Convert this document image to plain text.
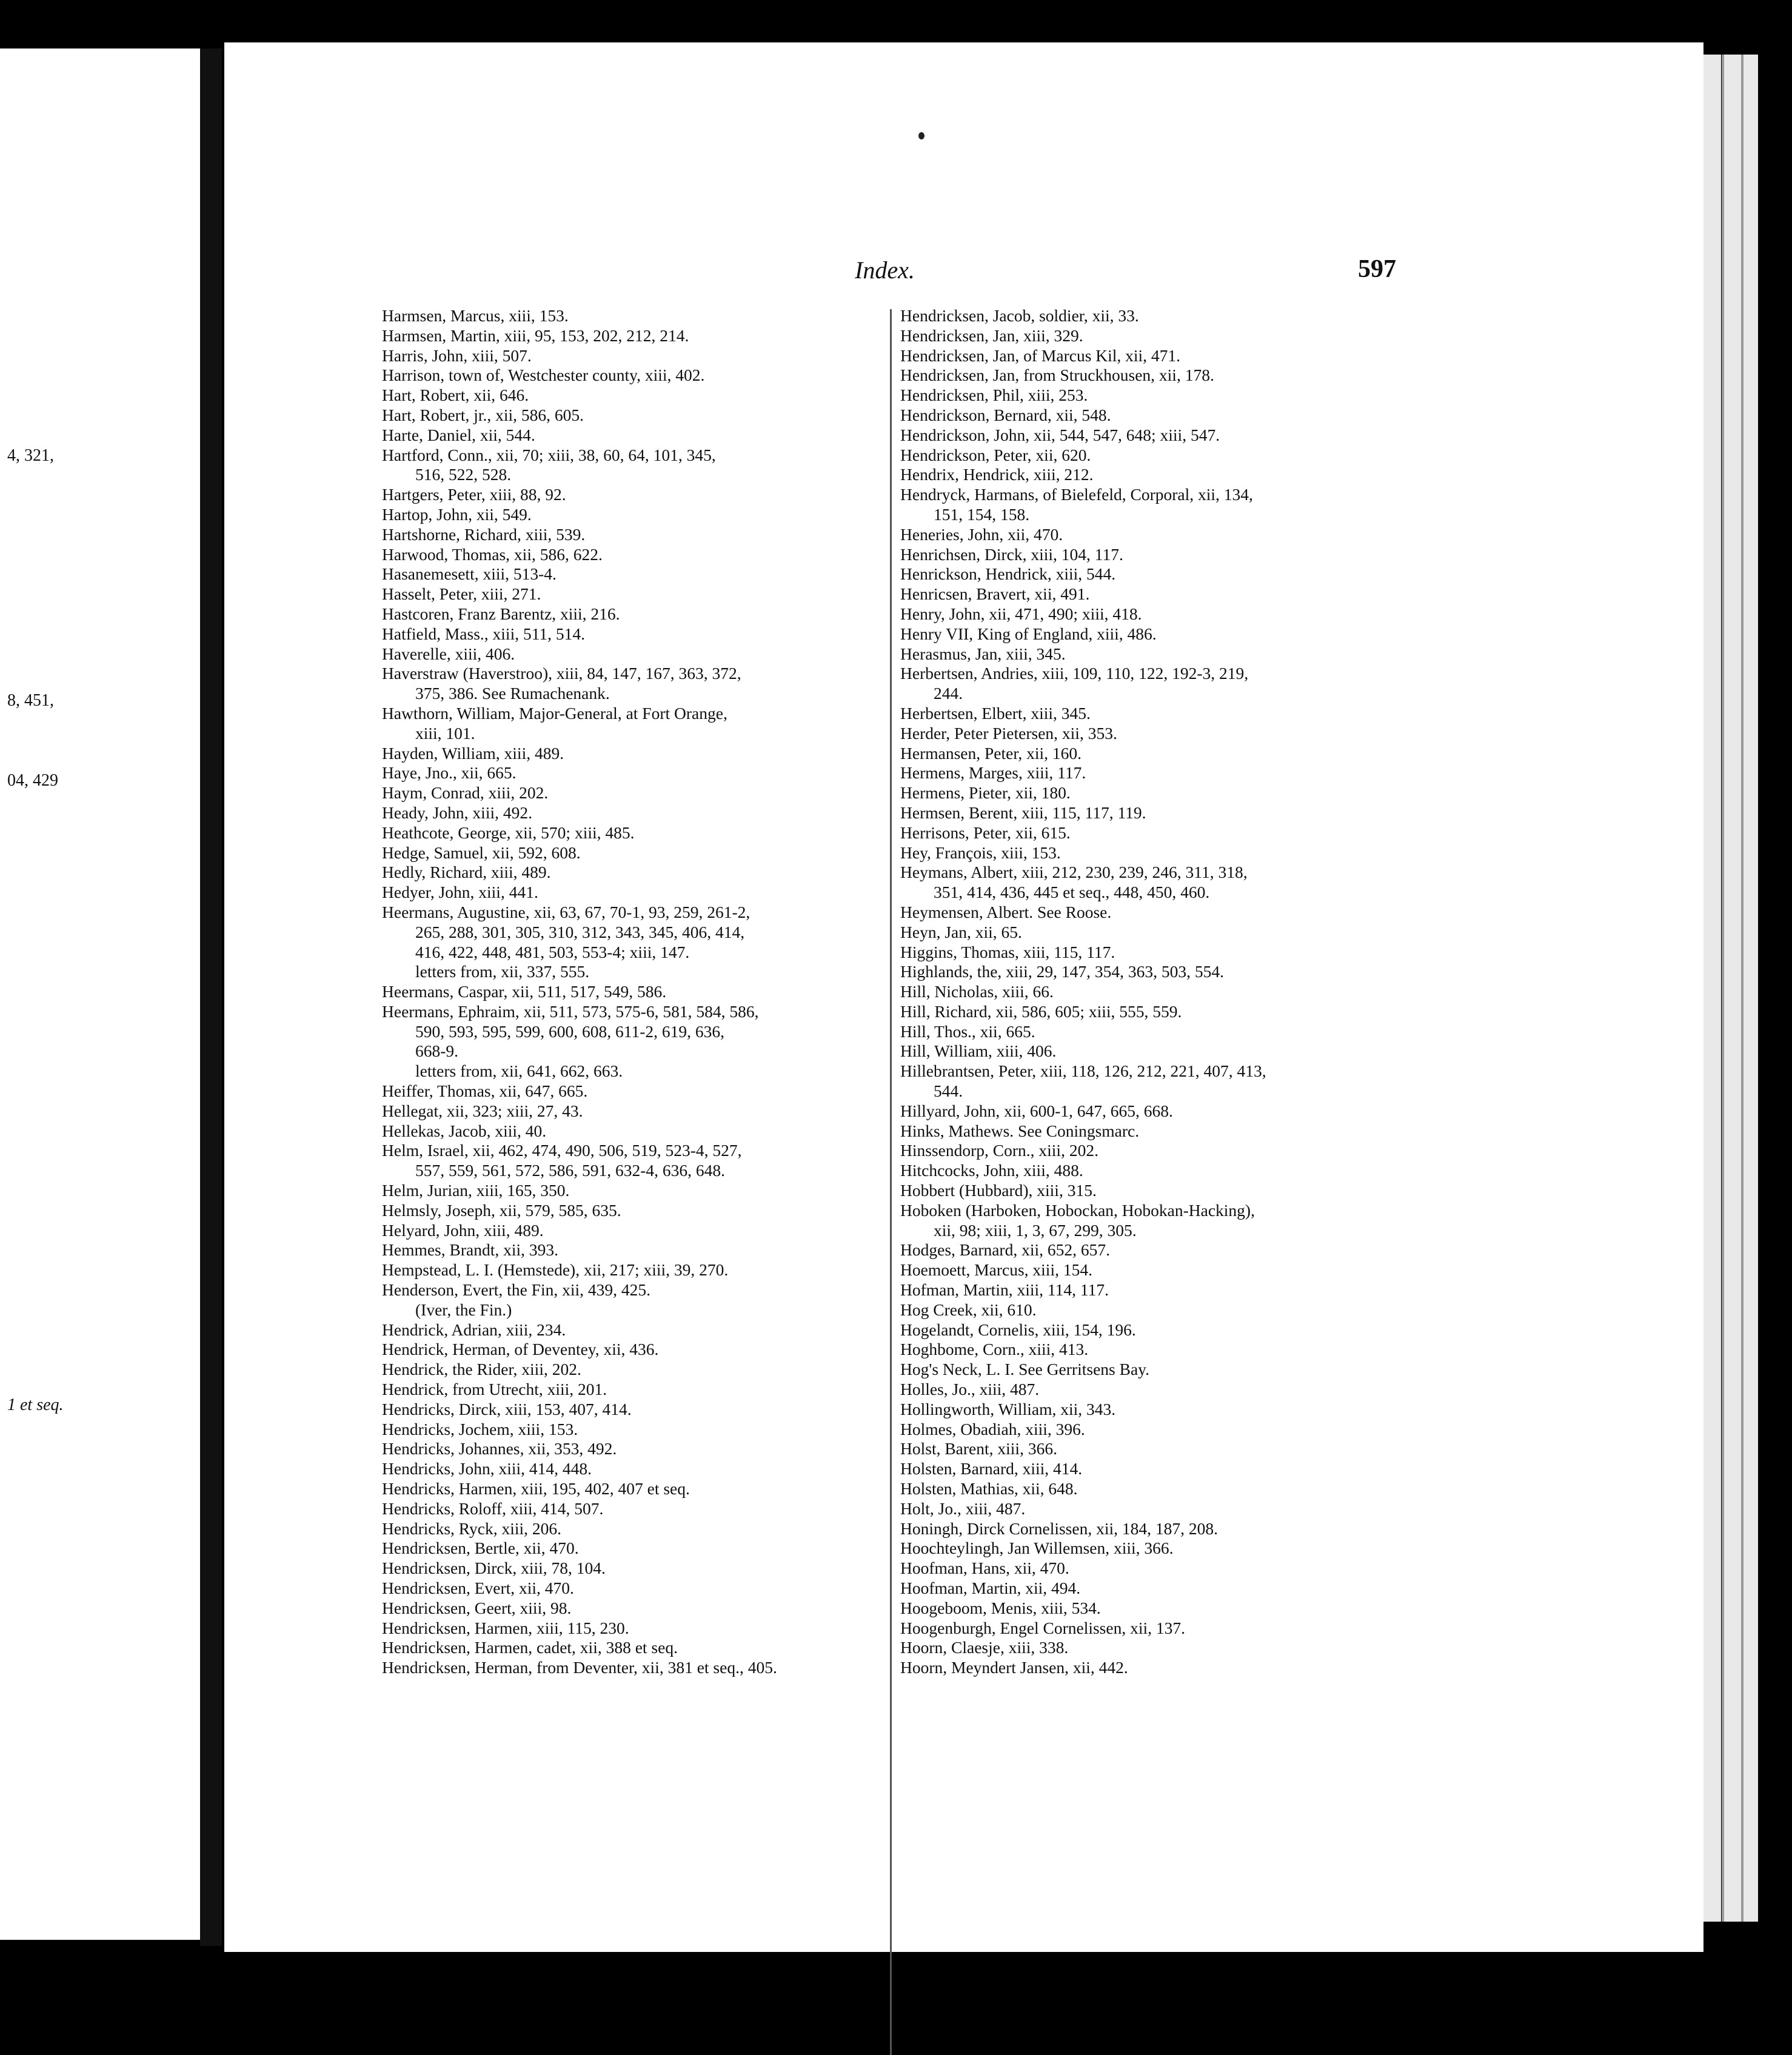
4, 321,
8, 451,
04, 429
1 et seq.
Index.	597
Harmsen, Marcus, xiii, 153.
Harmsen, Martin, xiii, 95, 153, 202, 212, 214.
Harris, John, xiii, 507.
Harrison, town of, Westchester county, xiii, 402.
Hart, Robert, xii, 646.
Hart, Robert, jr., xii, 586, 605.
Harte, Daniel, xii, 544.
Hartford, Conn., xii, 70; xiii, 38, 60, 64, 101, 345,
516, 522, 528.
Hartgers, Peter, xiii, 88, 92.
Hartop, John, xii, 549.
Hartshorne, Richard, xiii, 539.
Harwood, Thomas, xii, 586, 622.
Hasanemesett, xiii, 513-4.
Hasselt, Peter, xiii, 271.
Hastcoren, Franz Barentz, xiii, 216.
Hatfield, Mass., xiii, 511, 514.
Haverelle, xiii, 406.
Haverstraw (Haverstroo), xiii, 84, 147, 167, 363, 372,
375, 386. See Rumachenank.
Hawthorn, William, Major-General, at Fort Orange,
xiii, 101.
Hayden, William, xiii, 489.
Haye, Jno., xii, 665.
Haym, Conrad, xiii, 202.
Heady, John, xiii, 492.
Heathcote, George, xii, 570; xiii, 485.
Hedge, Samuel, xii, 592, 608.
Hedly, Richard, xiii, 489.
Hedyer, John, xiii, 441.
Heermans, Augustine, xii, 63, 67, 70-1, 93, 259, 261-2,
265, 288, 301, 305, 310, 312, 343, 345, 406, 414,
416, 422, 448, 481, 503, 553-4; xiii, 147.
letters from, xii, 337, 555.
Heermans, Caspar, xii, 511, 517, 549, 586.
Heermans, Ephraim, xii, 511, 573, 575-6, 581, 584, 586,
590, 593, 595, 599, 600, 608, 611-2, 619, 636,
668-9.
letters from, xii, 641, 662, 663.
Heiffer, Thomas, xii, 647, 665.
Hellegat, xii, 323; xiii, 27, 43.
Hellekas, Jacob, xiii, 40.
Helm, Israel, xii, 462, 474, 490, 506, 519, 523-4, 527,
557, 559, 561, 572, 586, 591, 632-4, 636, 648.
Helm, Jurian, xiii, 165, 350.
Helmsly, Joseph, xii, 579, 585, 635.
Helyard, John, xiii, 489.
Hemmes, Brandt, xii, 393.
Hempstead, L. I. (Hemstede), xii, 217; xiii, 39, 270.
Henderson, Evert, the Fin, xii, 439, 425.
(Iver, the Fin.)
Hendrick, Adrian, xiii, 234.
Hendrick, Herman, of Deventey, xii, 436.
Hendrick, the Rider, xiii, 202.
Hendrick, from Utrecht, xiii, 201.
Hendricks, Dirck, xiii, 153, 407, 414.
Hendricks, Jochem, xiii, 153.
Hendricks, Johannes, xii, 353, 492.
Hendricks, John, xiii, 414, 448.
Hendricks, Harmen, xiii, 195, 402, 407 et seq.
Hendricks, Roloff, xiii, 414, 507.
Hendricks, Ryck, xiii, 206.
Hendricksen, Bertle, xii, 470.
Hendricksen, Dirck, xiii, 78, 104.
Hendricksen, Evert, xii, 470.
Hendricksen, Geert, xiii, 98.
Hendricksen, Harmen, xiii, 115, 230.
Hendricksen, Harmen, cadet, xii, 388 et seq.
Hendricksen, Herman, from Deventer, xii, 381 et seq., 405.
Hendricksen, Jacob, soldier, xii, 33.
Hendricksen, Jan, xiii, 329.
Hendricksen, Jan, of Marcus Kil, xii, 471.
Hendricksen, Jan, from Struckhousen, xii, 178.
Hendricksen, Phil, xiii, 253.
Hendrickson, Bernard, xii, 548.
Hendrickson, John, xii, 544, 547, 648; xiii, 547.
Hendrickson, Peter, xii, 620.
Hendrix, Hendrick, xiii, 212.
Hendryck, Harmans, of Bielefeld, Corporal, xii, 134,
151, 154, 158.
Heneries, John, xii, 470.
Henrichsen, Dirck, xiii, 104, 117.
Henrickson, Hendrick, xiii, 544.
Henricsen, Bravert, xii, 491.
Henry, John, xii, 471, 490; xiii, 418.
Henry VII, King of England, xiii, 486.
Herasmus, Jan, xiii, 345.
Herbertsen, Andries, xiii, 109, 110, 122, 192-3, 219,
244.
Herbertsen, Elbert, xiii, 345.
Herder, Peter Pietersen, xii, 353.
Hermansen, Peter, xii, 160.
Hermens, Marges, xiii, 117.
Hermens, Pieter, xii, 180.
Hermsen, Berent, xiii, 115, 117, 119.
Herrisons, Peter, xii, 615.
Hey, François, xiii, 153.
Heymans, Albert, xiii, 212, 230, 239, 246, 311, 318,
351, 414, 436, 445 et seq., 448, 450, 460.
Heymensen, Albert. See Roose.
Heyn, Jan, xii, 65.
Higgins, Thomas, xiii, 115, 117.
Highlands, the, xiii, 29, 147, 354, 363, 503, 554.
Hill, Nicholas, xiii, 66.
Hill, Richard, xii, 586, 605; xiii, 555, 559.
Hill, Thos., xii, 665.
Hill, William, xiii, 406.
Hillebrantsen, Peter, xiii, 118, 126, 212, 221, 407, 413,
544.
Hillyard, John, xii, 600-1, 647, 665, 668.
Hinks, Mathews. See Coningsmarc.
Hinssendorp, Corn., xiii, 202.
Hitchcocks, John, xiii, 488.
Hobbert (Hubbard), xiii, 315.
Hoboken (Harboken, Hobockan, Hobokan-Hacking),
xii, 98; xiii, 1, 3, 67, 299, 305.
Hodges, Barnard, xii, 652, 657.
Hoemoett, Marcus, xiii, 154.
Hofman, Martin, xiii, 114, 117.
Hog Creek, xii, 610.
Hogelandt, Cornelis, xiii, 154, 196.
Hoghbome, Corn., xiii, 413.
Hog's Neck, L. I. See Gerritsens Bay.
Holles, Jo., xiii, 487.
Hollingworth, William, xii, 343.
Holmes, Obadiah, xiii, 396.
Holst, Barent, xiii, 366.
Holsten, Barnard, xiii, 414.
Holsten, Mathias, xii, 648.
Holt, Jo., xiii, 487.
Honingh, Dirck Cornelissen, xii, 184, 187, 208.
Hoochteylingh, Jan Willemsen, xiii, 366.
Hoofman, Hans, xii, 470.
Hoofman, Martin, xii, 494.
Hoogeboom, Menis, xiii, 534.
Hoogenburgh, Engel Cornelissen, xii, 137.
Hoorn, Claesje, xiii, 338.
Hoorn, Meyndert Jansen, xii, 442.
